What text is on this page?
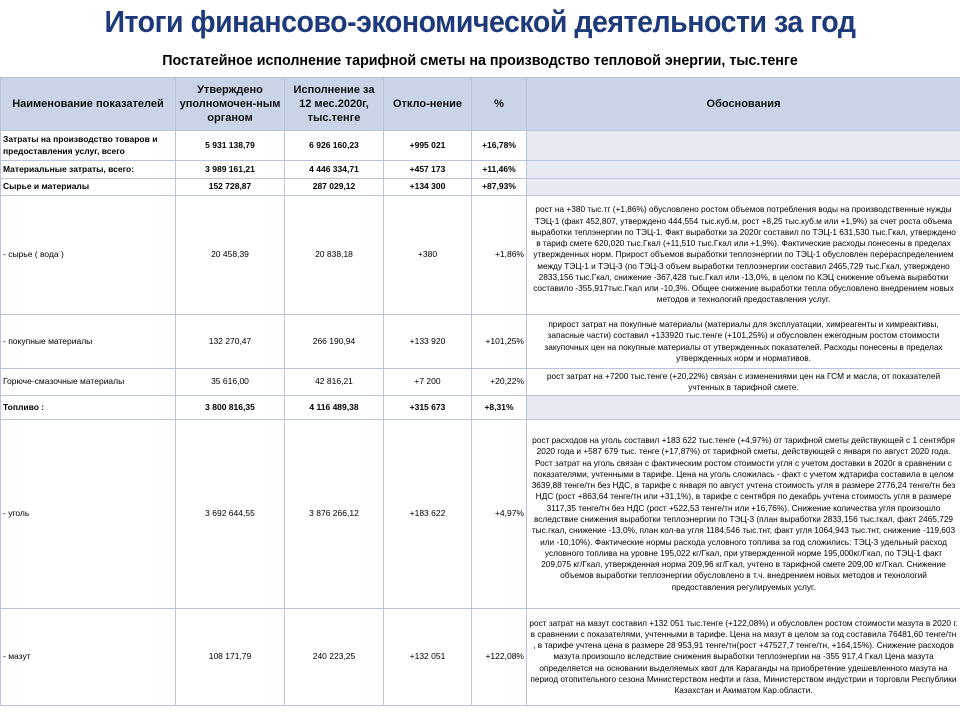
Итоги финансово-экономической деятельности за год
Постатейное исполнение тарифной сметы на производство тепловой энергии, тыс.тенге
Наименование показателей	Утверждено уполномочен-ным органом	Исполнение за 12 мес.2020г, тыс.тенге	Откло-нение	%	Обоснования
Затраты на производство товаров и предоставления услуг, всего	5 931 138,79	6 926 160,23	+995 021	+16,78%	
Материальные затраты, всего:	3 989 161,21	4 446 334,71	+457 173	+11,46%	
Сырье и материалы	152 728,87	287 029,12	+134 300	+87,93%	
- сырье ( вода )	20 458,39	20 838,18	+380	+1,86%	рост на +380 тыс.тг (+1,86%) обусловлено ростом объемов потребления воды на производственные нужды ТЭЦ-1 (факт 452,807, утверждено 444,554 тыс.куб.м, рост +8,25 тыс.куб.м или +1,9%) за счет роста объема выработки теплэнергии по ТЭЦ-1. Факт выработки за 2020г составил по ТЭЦ-1 631,530 тыс.Гкал, утверждено в тариф смете 620,020 тыс.Гкал (+11,510 тыс.Гкал или +1,9%). Фактические расходы понесены в пределах утвержденных норм. Прирост объемов выработки теплоэнергии по ТЭЦ-1 обусловлен перераспределением между ТЭЦ-1 и ТЭЦ-3 (по ТЭЦ-3 объем выработки теплоэнергии составил 2465,729 тыс.Гкал, утверждено 2833,156 тыс.Гкал, снижение -367,428 тыс.Гкал или -13,0%, в целом по КЭЦ снижение объема выработки составило -355,917тыс.Гкал или -10,3%. Общее снижение выработки тепла обусловлено внедрением новых методов и технологий предоставления услуг.
- покупные материалы	132 270,47	266 190,94	+133 920	+101,25%	прирост затрат на покупные материалы (материалы для эксплуатации, химреагенты и химреактивы, запасные части) составил +133920 тыс.тенге (+101,25%) и обусловлен ежегодным ростом стоимости закупочных цен на покупные материалы от утвержденных показателей. Расходы понесены в пределах утвержденных норм и нормативов.
Горюче-смазочные материалы	35 616,00	42 816,21	+7 200	+20,22%	рост затрат на +7200 тыс.тенге (+20,22%) связан с изменениями цен на ГСМ и масла, от показателей учтенных в тарифной смете.
Топливо :	3 800 816,35	4 116 489,38	+315 673	+8,31%	
- уголь	3 692 644,55	3 876 266,12	+183 622	+4,97%	рост расходов на уголь составил +183 622 тыс.тенге (+4,97%) от тарифной сметы действующей с 1 сентября 2020 года и +587 679 тыс. тенге (+17,87%) от тарифной сметы, действующей с января по август 2020 года. Рост затрат на уголь связан с фактическим ростом стоимости угля с учетом доставки в 2020г в сравнении с показателями, учтенными в тарифе. Цена на уголь сложилась - факт с учетом ждтарифа составила в целом 3639,88 тенге/тн без НДС, в тарифе с января по август учтена стоимость угля в размере 2776,24 тенге/тн без НДС (рост +863,64 тенге/тн или +31,1%), в тарифе с сентября по декабрь учтена стоимость угля в размере 3117,35 тенге/тн без НДС (рост +522,53 тенге/тн или +16,76%). Снижение количества угля произошло вследствие снижения выработки теплоэнергии по ТЭЦ-3 (план выработки 2833,156 тыс.гкал, факт 2465,729 тыс.гкал, снижение -13,0%, план кол-ва угля 1184,546 тыс.тнт, факт угля 1064,943 тыс.тнт, снижение -119,603 или -10,10%). Фактические нормы расхода условного топлива за год сложились: ТЭЦ-3 удельный расход условного топлива на уровне 195,022 кг/Гкал, при утвержденной норме 195,000кг/Гкал, по ТЭЦ-1 факт 209,075 кг/Гкал, утвержденная норма 209,96 кг/Гкал, учтено в тарифной смете 209,00 кг/Гкал. Снижение объемов выработки теплоэнергии обусловлено в т.ч. внедрением новых методов и технологий предоставления регулируемых услуг.
- мазут	108 171,79	240 223,25	+132 051	+122,08%	рост затрат на мазут составил +132 051 тыс.тенге (+122,08%) и обусловлен ростом стоимости мазута в 2020 г. в сравнении с показателями, учтенными в тарифе. Цена на мазут в целом за год составила 76481,60 тенге/тн , в тарифе учтена цена в размере 28 953,91 тенге/тн(рост +47527,7 тенге/тн, +164,15%). Снижение расходов мазута произошло вследствие снижения выработки теплоэнергии на -355 917,4 Гкал Цена мазута определяется на основании выделяемых квот для Караганды на приобретение удешевленного мазута на период отопительного сезона Министерством нефти и газа, Министерством индустрии и торговли Республики Казахстан и Акиматом Кар.области.
